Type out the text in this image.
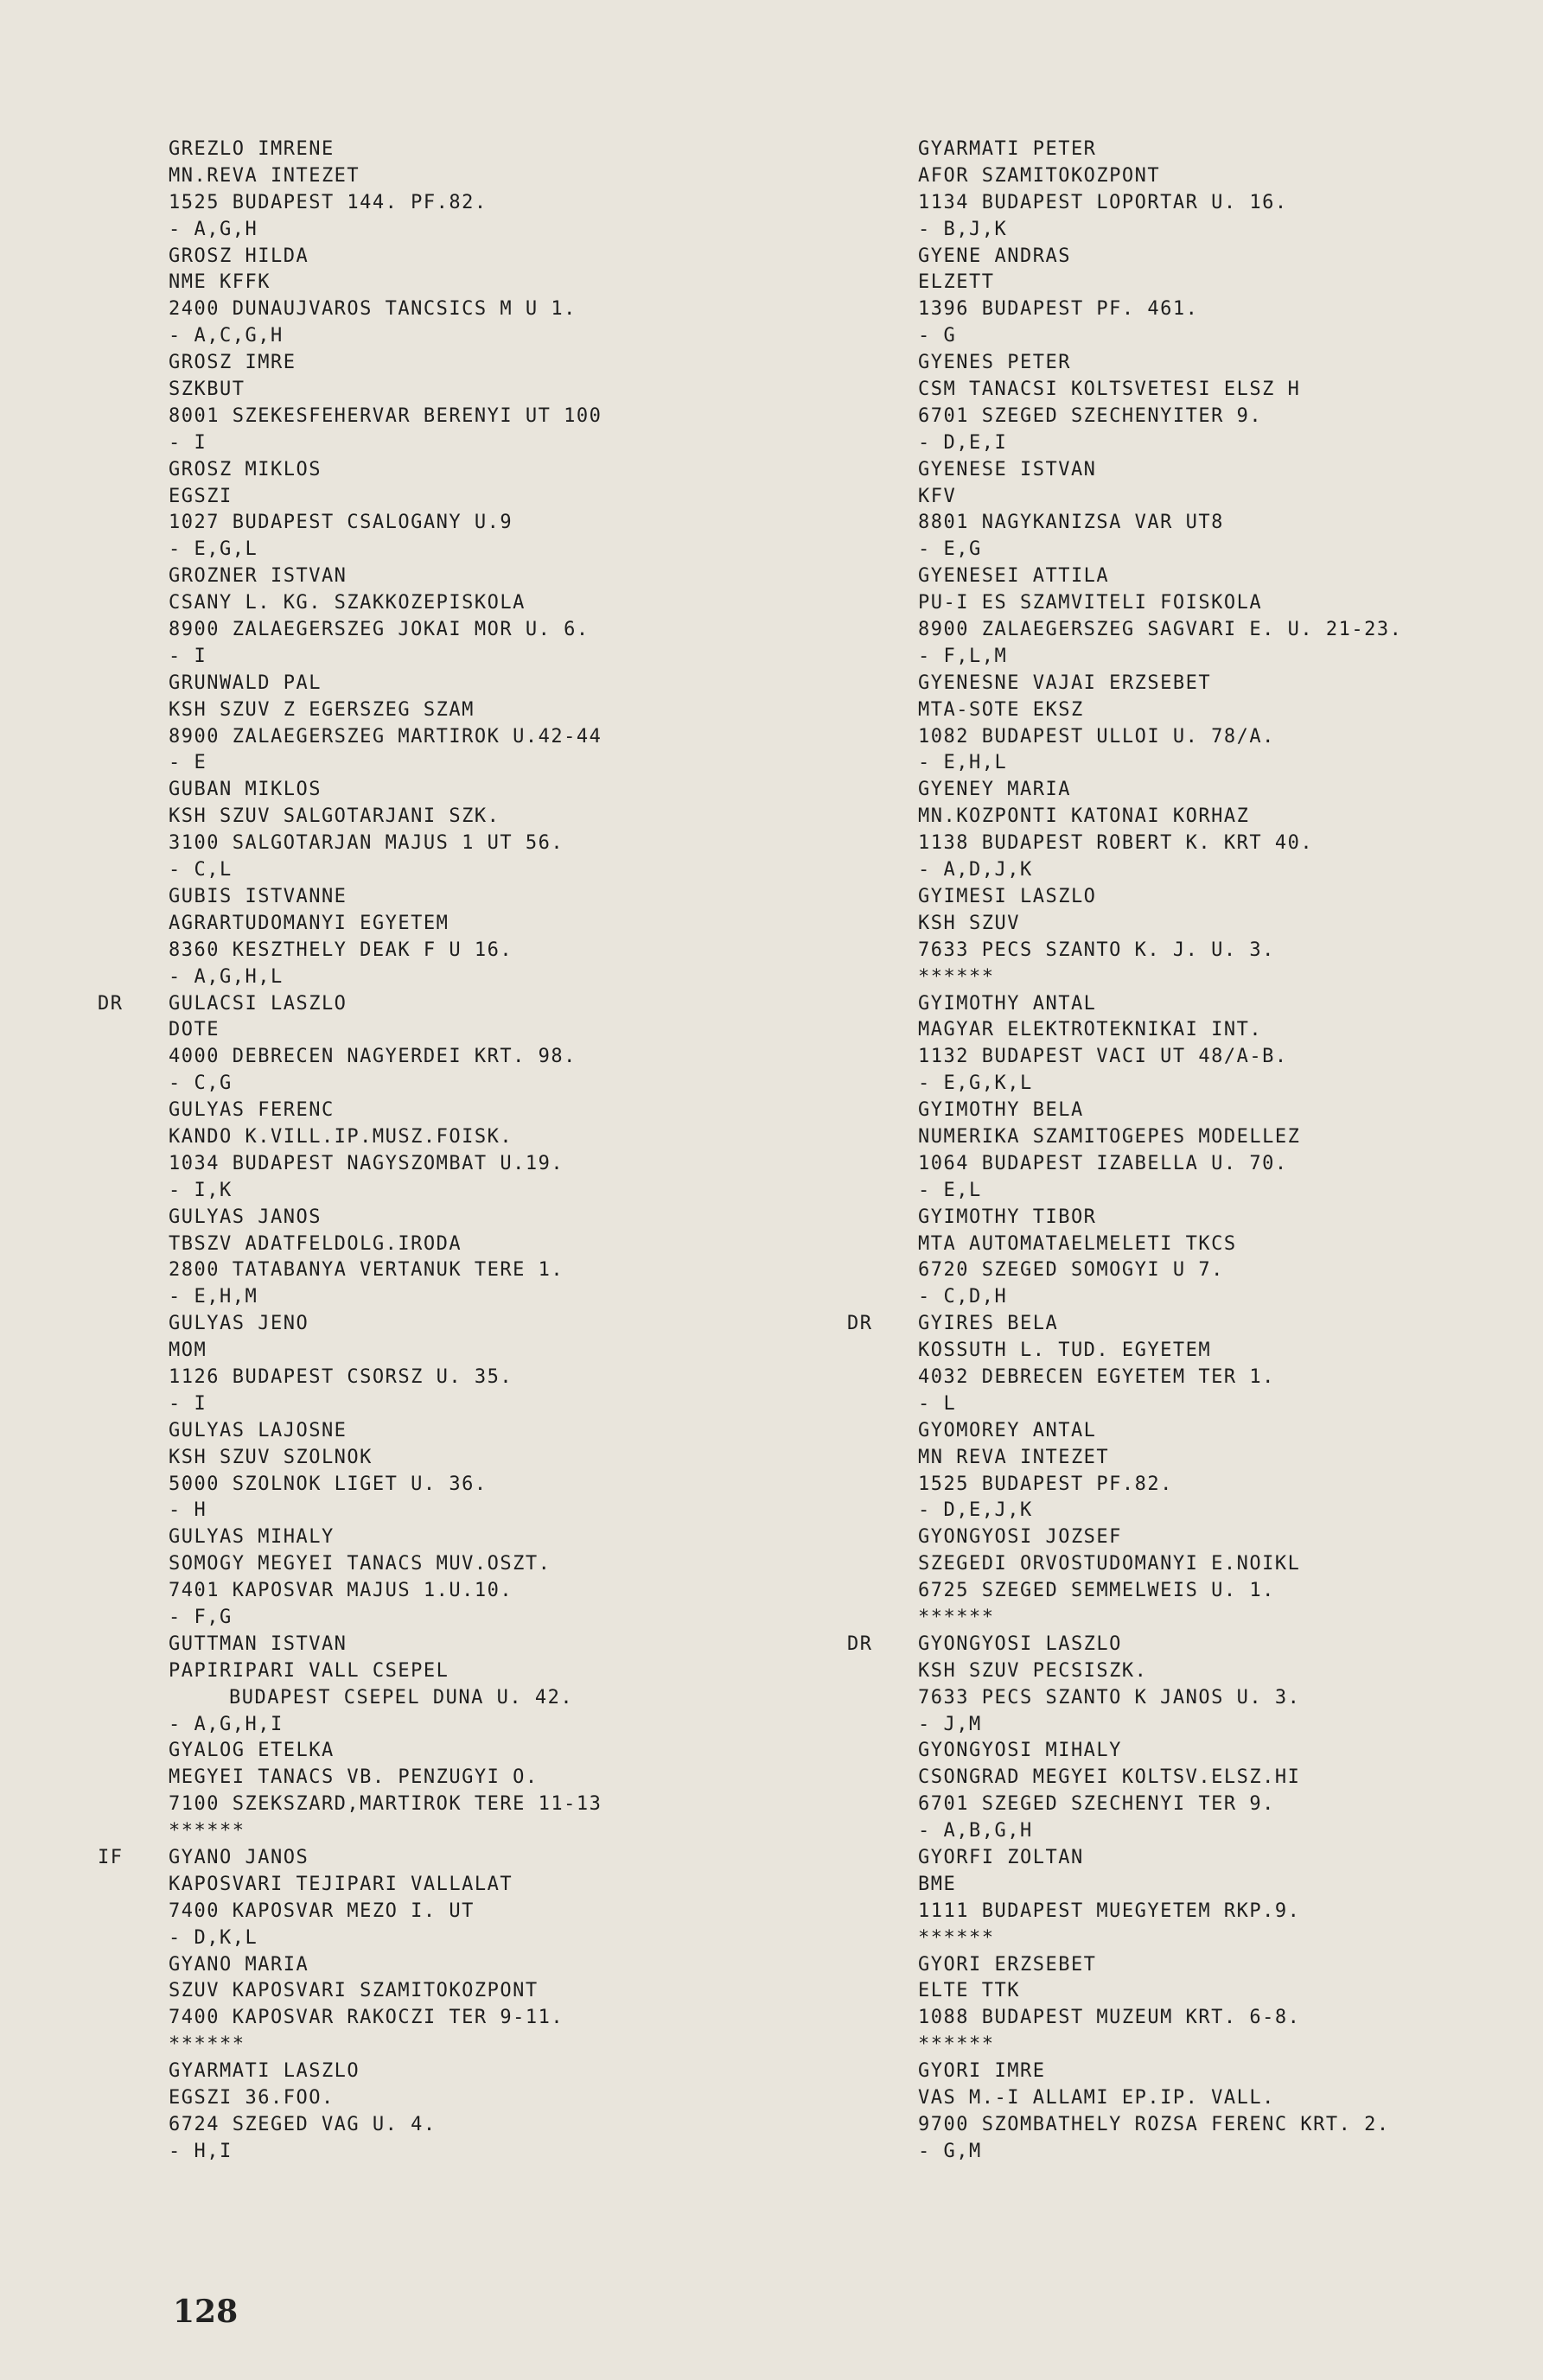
GREZLO IMRENE
MN.REVA INTEZET
1525 BUDAPEST 144. PF.82.
- A,G,H
GROSZ HILDA
NME KFFK
2400 DUNAUJVAROS TANCSICS M U 1.
- A,C,G,H
GROSZ IMRE
SZKBUT
8001 SZEKESFEHERVAR BERENYI UT 100
- I
GROSZ MIKLOS
EGSZI
1027 BUDAPEST CSALOGANY U.9
- E,G,L
GROZNER ISTVAN
CSANY L. KG. SZAKKOZEPISKOLA
8900 ZALAEGERSZEG JOKAI MOR U. 6.
- I
GRUNWALD PAL
KSH SZUV Z EGERSZEG SZAM
8900 ZALAEGERSZEG MARTIROK U.42-44
- E
GUBAN MIKLOS
KSH SZUV SALGOTARJANI SZK.
3100 SALGOTARJAN MAJUS 1 UT 56.
- C,L
GUBIS ISTVANNE
AGRARTUDOMANYI EGYETEM
8360 KESZTHELY DEAK F U 16.
- A,G,H,L
DR GULACSI LASZLO
DOTE
4000 DEBRECEN NAGYERDEI KRT. 98.
- C,G
GULYAS FERENC
KANDO K.VILL.IP.MUSZ.FOISK.
1034 BUDAPEST NAGYSZOMBAT U.19.
- I,K
GULYAS JANOS
TBSZV ADATFELDOLG.IRODA
2800 TATABANYA VERTANUK TERE 1.
- E,H,M
GULYAS JENO
MOM
1126 BUDAPEST CSORSZ U. 35.
- I
GULYAS LAJOSNE
KSH SZUV SZOLNOK
5000 SZOLNOK LIGET U. 36.
- H
GULYAS MIHALY
SOMOGY MEGYEI TANACS MUV.OSZT.
7401 KAPOSVAR MAJUS 1.U.10.
- F,G
GUTTMAN ISTVAN
PAPIRIPARI VALL CSEPEL
BUDAPEST CSEPEL DUNA U. 42.
- A,G,H,I
GYALOG ETELKA
MEGYEI TANACS VB. PENZUGYI O.
7100 SZEKSZARD,MARTIROK TERE 11-13
******
IF GYANO JANOS
KAPOSVARI TEJIPARI VALLALAT
7400 KAPOSVAR MEZO I. UT
- D,K,L
GYANO MARIA
SZUV KAPOSVARI SZAMITOKOZPONT
7400 KAPOSVAR RAKOCZI TER 9-11.
******
GYARMATI LASZLO
EGSZI 36.FOO.
6724 SZEGED VAG U. 4.
- H,I
GYARMATI PETER
AFOR SZAMITOKOZPONT
1134 BUDAPEST LOPORTAR U. 16.
- B,J,K
GYENE ANDRAS
ELZETT
1396 BUDAPEST PF. 461.
- G
GYENES PETER
CSM TANACSI KOLTSVETESI ELSZ H
6701 SZEGED SZECHENYITER 9.
- D,E,I
GYENESE ISTVAN
KFV
8801 NAGYKANIZSA VAR UT8
- E,G
GYENESEI ATTILA
PU-I ES SZAMVITELI FOISKOLA
8900 ZALAEGERSZEG SAGVARI E. U. 21-23.
- F,L,M
GYENESNE VAJAI ERZSEBET
MTA-SOTE EKSZ
1082 BUDAPEST ULLOI U. 78/A.
- E,H,L
GYENEY MARIA
MN.KOZPONTI KATONAI KORHAZ
1138 BUDAPEST ROBERT K. KRT 40.
- A,D,J,K
GYIMESI LASZLO
KSH SZUV
7633 PECS SZANTO K. J. U. 3.
******
GYIMOTHY ANTAL
MAGYAR ELEKTROTEKNIKAI INT.
1132 BUDAPEST VACI UT 48/A-B.
- E,G,K,L
GYIMOTHY BELA
NUMERIKA SZAMITOGEPES MODELLEZ
1064 BUDAPEST IZABELLA U. 70.
- E,L
GYIMOTHY TIBOR
MTA AUTOMATAELMELETI TKCS
6720 SZEGED SOMOGYI U 7.
- C,D,H
DR GYIRES BELA
KOSSUTH L. TUD. EGYETEM
4032 DEBRECEN EGYETEM TER 1.
- L
GYOMOREY ANTAL
MN REVA INTEZET
1525 BUDAPEST PF.82.
- D,E,J,K
GYONGYOSI JOZSEF
SZEGEDI ORVOSTUDOMANYI E.NOIKL
6725 SZEGED SEMMELWEIS U. 1.
******
DR GYONGYOSI LASZLO
KSH SZUV PECSISZK.
7633 PECS SZANTO K JANOS U. 3.
- J,M
GYONGYOSI MIHALY
CSONGRAD MEGYEI KOLTSV.ELSZ.HI
6701 SZEGED SZECHENYI TER 9.
- A,B,G,H
GYORFI ZOLTAN
BME
1111 BUDAPEST MUEGYETEM RKP.9.
******
GYORI ERZSEBET
ELTE TTK
1088 BUDAPEST MUZEUM KRT. 6-8.
******
GYORI IMRE
VAS M.-I ALLAMI EP.IP. VALL.
9700 SZOMBATHELY ROZSA FERENC KRT. 2.
- G,M
128
